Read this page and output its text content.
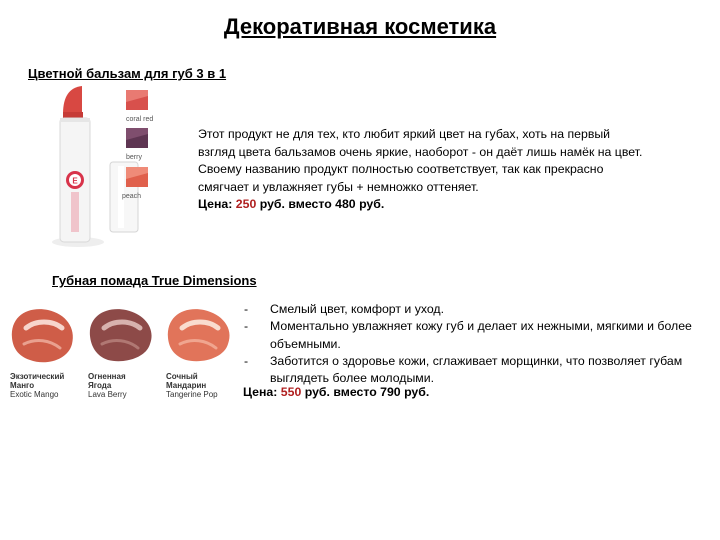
Декоративная косметика
Цветной бальзам для губ 3 в 1
E
coral red
berry
peach
Этот продукт не для тех, кто любит яркий цвет на губах, хоть на первый
взгляд цвета бальзамов очень яркие, наоборот - он даёт лишь намёк на цвет.
Своему названию продукт полностью соответствует, так как прекрасно
смягчает и увлажняет губы + немножко оттеняет.
Цена: 250 руб. вместо 480 руб.
Губная помада True Dimensions
Экзотический
Манго
Exotic Mango
Огненная
Ягода
Lava Berry
Сочный
Мандарин
Tangerine Pop
-	Смелый цвет, комфорт и уход.
-	Моментально увлажняет кожу губ и делает их нежными, мягкими и более объемными.
-	Заботится о здоровье кожи, сглаживает морщинки, что позволяет губам выглядеть более молодыми.
Цена: 550 руб. вместо 790 руб.
